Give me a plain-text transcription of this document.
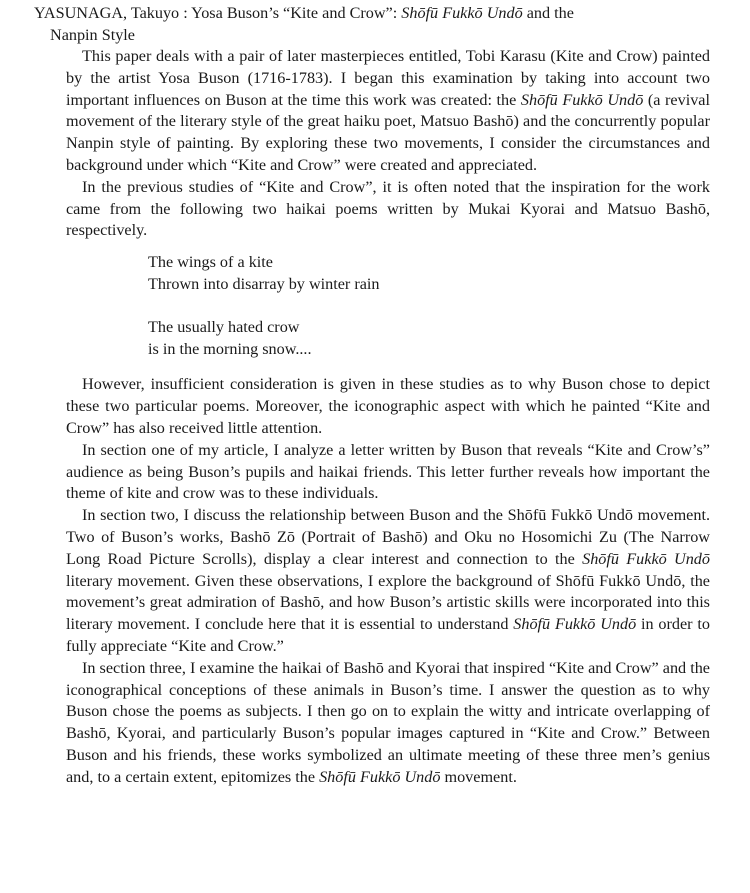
YASUNAGA, Takuyo : Yosa Buson’s “Kite and Crow”: Shōfū Fukkō Undō and the
Nanpin Style

This paper deals with a pair of later masterpieces entitled, Tobi Karasu (Kite and Crow) painted by the artist Yosa Buson (1716-1783). I began this examination by taking into account two important influences on Buson at the time this work was created: the Shōfū Fukkō Undō (a revival movement of the literary style of the great haiku poet, Matsuo Bashō) and the concurrently popular Nanpin style of painting. By exploring these two movements, I consider the circumstances and background under which “Kite and Crow” were created and appreciated.

In the previous studies of “Kite and Crow”, it is often noted that the inspiration for the work came from the following two haikai poems written by Mukai Kyorai and Matsuo Bashō, respectively.

The wings of a kite
Thrown into disarray by winter rain
The usually hated crow
is in the morning snow....

However, insufficient consideration is given in these studies as to why Buson chose to depict these two particular poems. Moreover, the iconographic aspect with which he painted “Kite and Crow” has also received little attention.

In section one of my article, I analyze a letter written by Buson that reveals “Kite and Crow’s” audience as being Buson’s pupils and haikai friends. This letter further reveals how important the theme of kite and crow was to these individuals.

In section two, I discuss the relationship between Buson and the Shōfū Fukkō Undō movement. Two of Buson’s works, Bashō Zō (Portrait of Bashō) and Oku no Hosomichi Zu (The Narrow Long Road Picture Scrolls), display a clear interest and connection to the Shōfū Fukkō Undō literary movement. Given these observations, I explore the background of Shōfū Fukkō Undō, the movement’s great admiration of Bashō, and how Buson’s artistic skills were incorporated into this literary movement. I conclude here that it is essential to understand Shōfū Fukkō Undō in order to fully appreciate “Kite and Crow.”

In section three, I examine the haikai of Bashō and Kyorai that inspired “Kite and Crow” and the iconographical conceptions of these animals in Buson’s time. I answer the question as to why Buson chose the poems as subjects. I then go on to explain the witty and intricate overlapping of Bashō, Kyorai, and particularly Buson’s popular images captured in “Kite and Crow.” Between Buson and his friends, these works symbolized an ultimate meeting of these three men’s genius and, to a certain extent, epitomizes the Shōfū Fukkō Undō movement.
